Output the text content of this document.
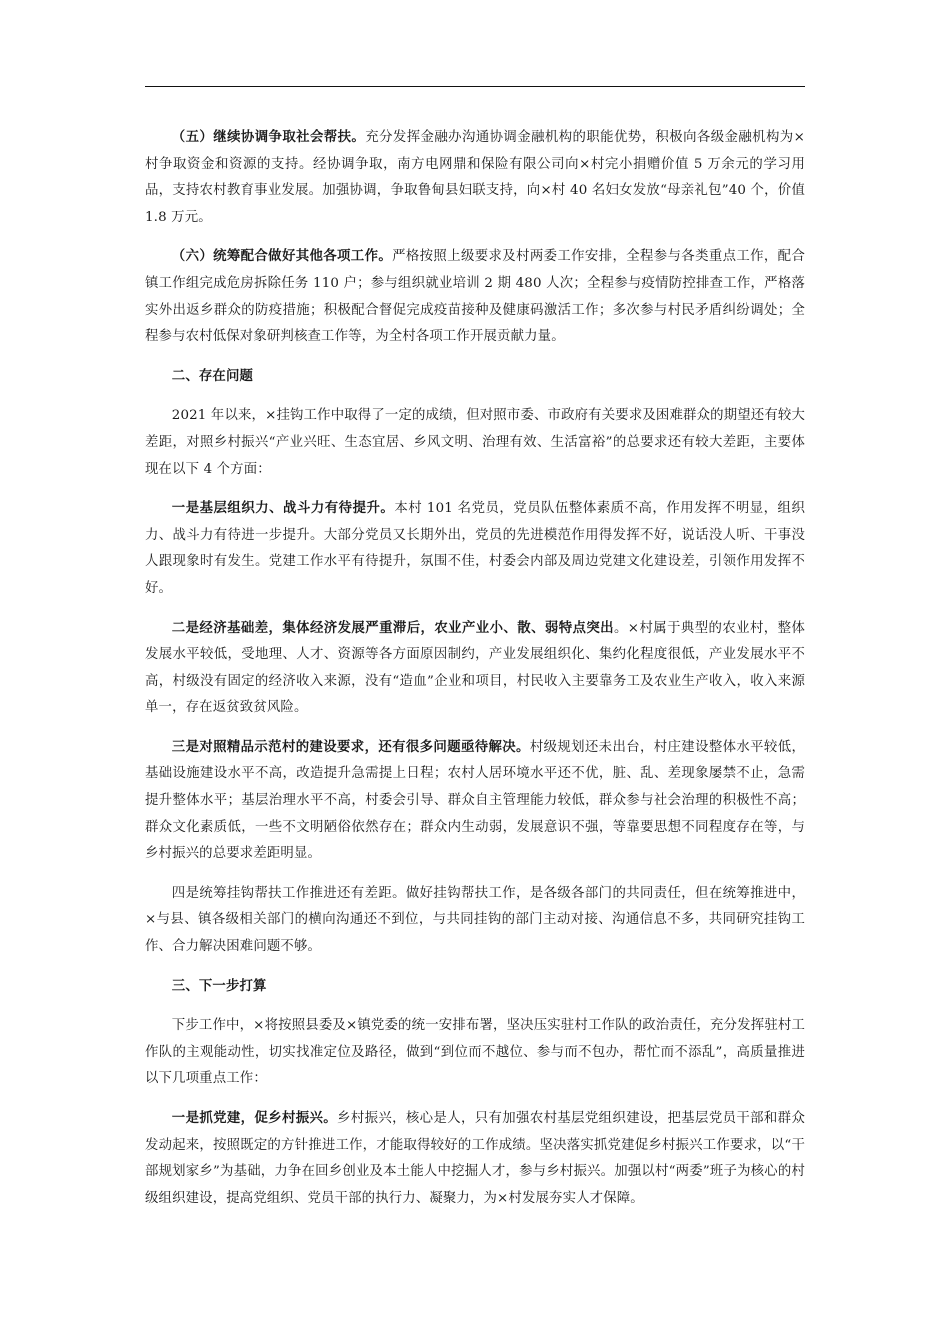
（五）继续协调争取社会帮扶。充分发挥金融办沟通协调金融机构的职能优势，积极向各级金融机构为×村争取资金和资源的支持。经协调争取，南方电网鼎和保险有限公司向×村完小捐赠价值 5 万余元的学习用品，支持农村教育事业发展。加强协调，争取鲁甸县妇联支持，向×村 40 名妇女发放“母亲礼包”40 个，价值 1.8 万元。

（六）统筹配合做好其他各项工作。严格按照上级要求及村两委工作安排，全程参与各类重点工作，配合镇工作组完成危房拆除任务 110 户；参与组织就业培训 2 期 480 人次；全程参与疫情防控排查工作，严格落实外出返乡群众的防疫措施；积极配合督促完成疫苗接种及健康码激活工作；多次参与村民矛盾纠纷调处；全程参与农村低保对象研判核查工作等，为全村各项工作开展贡献力量。

二、存在问题

2021 年以来，×挂钩工作中取得了一定的成绩，但对照市委、市政府有关要求及困难群众的期望还有较大差距，对照乡村振兴“产业兴旺、生态宜居、乡风文明、治理有效、生活富裕”的总要求还有较大差距，主要体现在以下 4 个方面：

一是基层组织力、战斗力有待提升。本村 101 名党员，党员队伍整体素质不高，作用发挥不明显，组织力、战斗力有待进一步提升。大部分党员又长期外出，党员的先进模范作用得发挥不好，说话没人听、干事没人跟现象时有发生。党建工作水平有待提升，氛围不佳，村委会内部及周边党建文化建设差，引领作用发挥不好。

二是经济基础差，集体经济发展严重滞后，农业产业小、散、弱特点突出。×村属于典型的农业村，整体发展水平较低，受地理、人才、资源等各方面原因制约，产业发展组织化、集约化程度很低，产业发展水平不高，村级没有固定的经济收入来源，没有“造血”企业和项目，村民收入主要靠务工及农业生产收入，收入来源单一，存在返贫致贫风险。

三是对照精品示范村的建设要求，还有很多问题亟待解决。村级规划还未出台，村庄建设整体水平较低，基础设施建设水平不高，改造提升急需提上日程；农村人居环境水平还不优，脏、乱、差现象屡禁不止，急需提升整体水平；基层治理水平不高，村委会引导、群众自主管理能力较低，群众参与社会治理的积极性不高；群众文化素质低，一些不文明陋俗依然存在；群众内生动弱，发展意识不强，等靠要思想不同程度存在等，与乡村振兴的总要求差距明显。

四是统筹挂钩帮扶工作推进还有差距。做好挂钩帮扶工作，是各级各部门的共同责任，但在统筹推进中，×与县、镇各级相关部门的横向沟通还不到位，与共同挂钩的部门主动对接、沟通信息不多，共同研究挂钩工作、合力解决困难问题不够。

三、下一步打算

下步工作中，×将按照县委及×镇党委的统一安排布署，坚决压实驻村工作队的政治责任，充分发挥驻村工作队的主观能动性，切实找准定位及路径，做到“到位而不越位、参与而不包办，帮忙而不添乱”，高质量推进以下几项重点工作：

一是抓党建，促乡村振兴。乡村振兴，核心是人，只有加强农村基层党组织建设，把基层党员干部和群众发动起来，按照既定的方针推进工作，才能取得较好的工作成绩。坚决落实抓党建促乡村振兴工作要求，以“干部规划家乡”为基础，力争在回乡创业及本土能人中挖掘人才，参与乡村振兴。加强以村“两委”班子为核心的村级组织建设，提高党组织、党员干部的执行力、凝聚力，为×村发展夯实人才保障。
